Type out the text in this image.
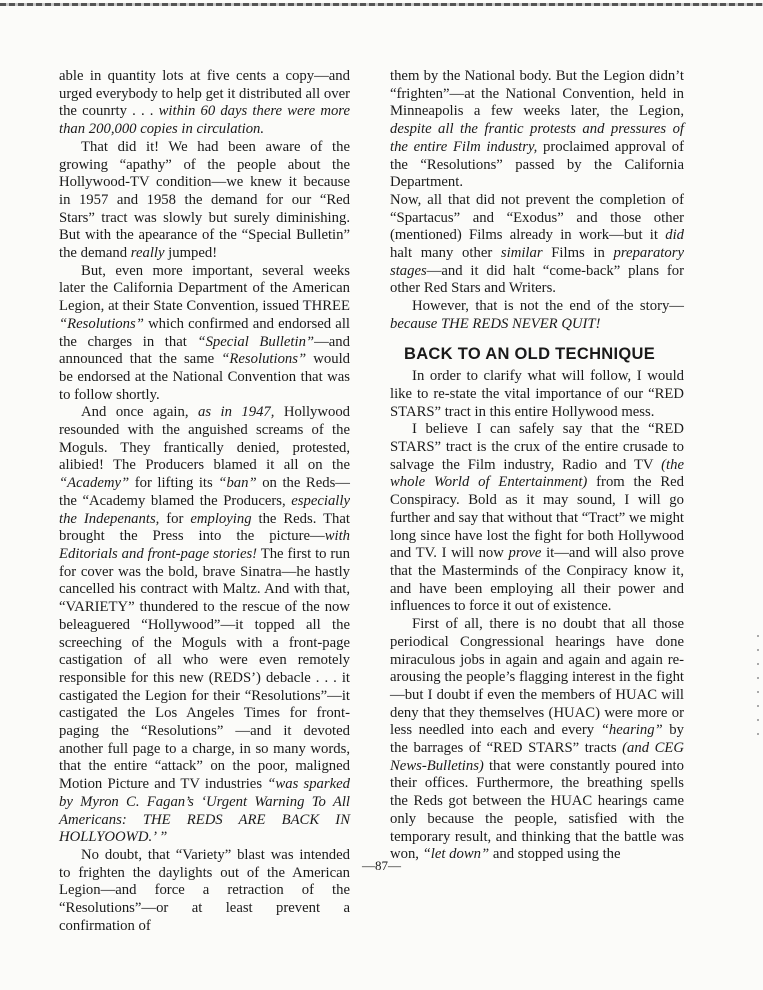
able in quantity lots at five cents a copy—and urged everybody to help get it distributed all over the counrty . . . within 60 days there were more than 200,000 copies in circulation.

That did it! We had been aware of the growing “apathy” of the people about the Hollywood-TV condition—we knew it because in 1957 and 1958 the demand for our “Red Stars” tract was slowly but surely diminishing. But with the apearance of the “Special Bulletin” the demand really jumped!

But, even more important, several weeks later the California Department of the American Legion, at their State Convention, issued THREE “Resolutions” which confirmed and endorsed all the charges in that “Special Bulletin”—and announced that the same “Resolutions” would be endorsed at the National Convention that was to follow shortly.

And once again, as in 1947, Hollywood resounded with the anguished screams of the Moguls. They frantically denied, protested, alibied! The Producers blamed it all on the “Academy” for lifting its “ban” on the Reds—the “Academy blamed the Producers, especially the Indepenants, for employing the Reds. That brought the Press into the picture—with Editorials and front-page stories! The first to run for cover was the bold, brave Sinatra—he hastly cancelled his contract with Maltz. And with that, “VARIETY” thundered to the rescue of the now beleaguered “Hollywood”—it topped all the screeching of the Moguls with a front-page castigation of all who were even remotely responsible for this new (REDS’) debacle . . . it castigated the Legion for their “Resolutions”—it castigated the Los Angeles Times for front-paging the “Resolutions” —and it devoted another full page to a charge, in so many words, that the entire “attack” on the poor, maligned Motion Picture and TV industries “was sparked by Myron C. Fagan’s ‘Urgent Warning To All Americans: THE REDS ARE BACK IN HOLLYOOWD.’ ”

No doubt, that “Variety” blast was intended to frighten the daylights out of the American Legion—and force a retraction of the “Resolutions”—or at least prevent a confirmation of

them by the National body. But the Legion didn’t “frighten”—at the National Convention, held in Minneapolis a few weeks later, the Legion, despite all the frantic protests and pressures of the entire Film industry, proclaimed approval of the “Resolutions” passed by the California Department.

Now, all that did not prevent the completion of “Spartacus” and “Exodus” and those other (mentioned) Films already in work—but it did halt many other similar Films in preparatory stages—and it did halt “come-back” plans for other Red Stars and Writers.

However, that is not the end of the story—because THE REDS NEVER QUIT!

BACK TO AN OLD TECHNIQUE

In order to clarify what will follow, I would like to re-state the vital importance of our “RED STARS” tract in this entire Hollywood mess.

I believe I can safely say that the “RED STARS” tract is the crux of the entire crusade to salvage the Film industry, Radio and TV (the whole World of Entertainment) from the Red Conspiracy. Bold as it may sound, I will go further and say that without that “Tract” we might long since have lost the fight for both Hollywood and TV. I will now prove it—and will also prove that the Masterminds of the Conpiracy know it, and have been employing all their power and influences to force it out of existence.

First of all, there is no doubt that all those periodical Congressional hearings have done miraculous jobs in again and again and again re-arousing the people’s flagging interest in the fight—but I doubt if even the members of HUAC will deny that they themselves (HUAC) were more or less needled into each and every “hearing” by the barrages of “RED STARS” tracts (and CEG News-Bulletins) that were constantly poured into their offices. Furthermore, the breathing spells the Reds got between the HUAC hearings came only because the people, satisfied with the temporary result, and thinking that the battle was won, “let down” and stopped using the

—87—
